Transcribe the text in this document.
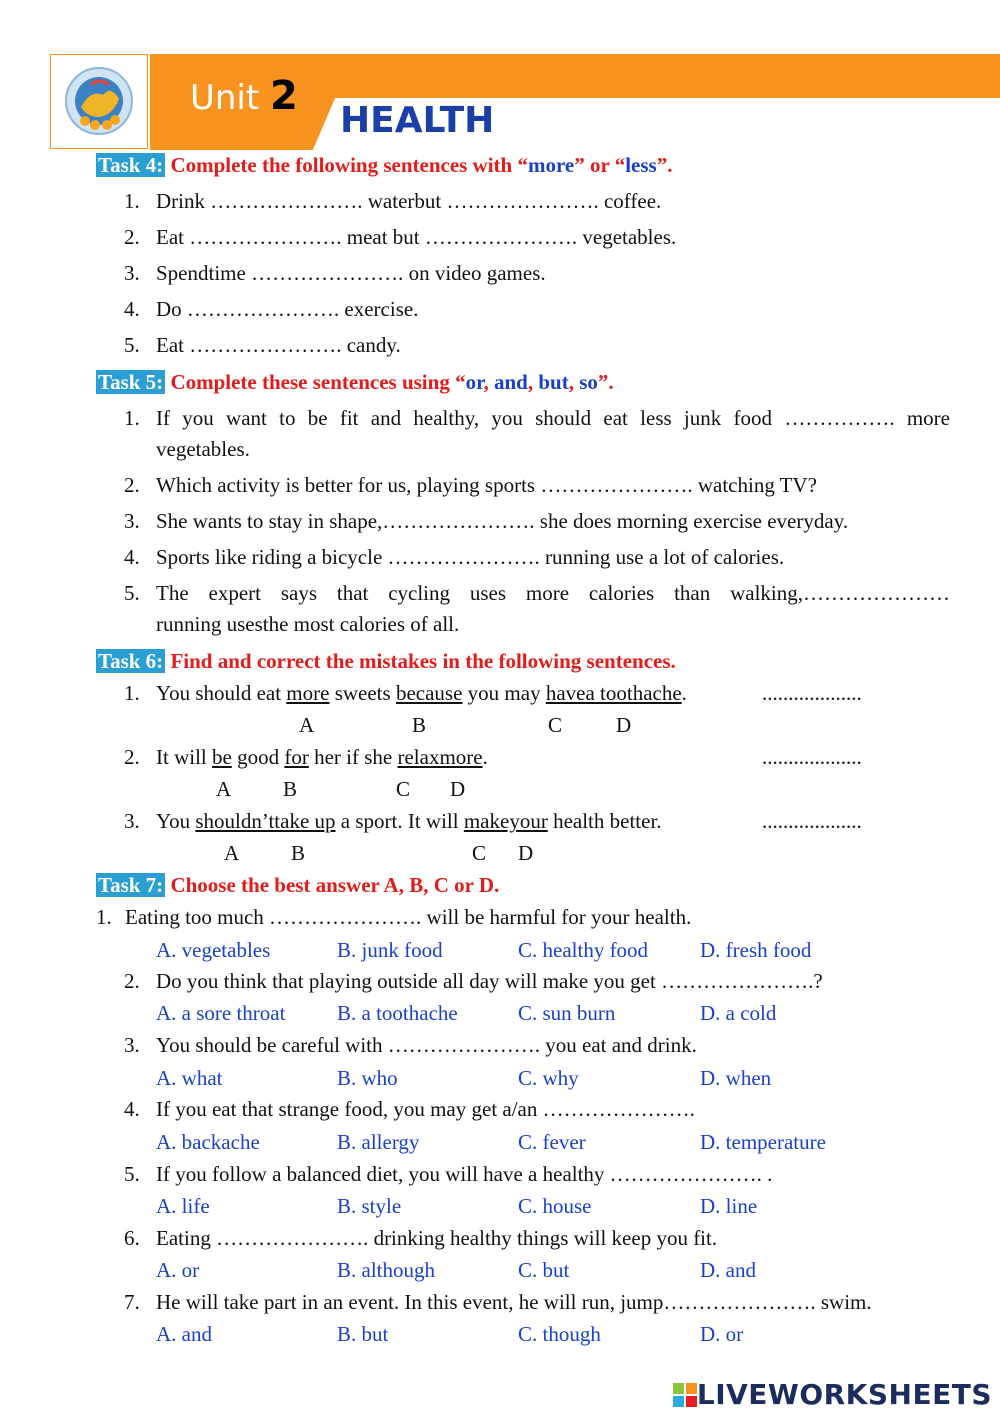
Unit 2
HEALTH
Task 4: Complete the following sentences with “more” or “less”.
1. Drink …………………. waterbut …………………. coffee.
2. Eat …………………. meat but …………………. vegetables.
3. Spendtime …………………. on video games.
4. Do …………………. exercise.
5. Eat …………………. candy.
Task 5: Complete these sentences using “or, and, but, so”.
1. If you want to be fit and healthy, you should eat less junk food ……………. more
vegetables.
2. Which activity is better for us, playing sports …………………. watching TV?
3. She wants to stay in shape,…………………. she does morning exercise everyday.
4. Sports like riding a bicycle …………………. running use a lot of calories.
5. The expert says that cycling uses more calories than walking,…………………
running usesthe most calories of all.
Task 6: Find and correct the mistakes in the following sentences.
1. You should eat more sweets because you may havea toothache.	...................
A	B	C	D
2. It will be good for her if she relaxmore.	...................
A B	C D
3. You shouldn’ttake up a sport. It will makeyour health better.	...................
A B	C D
Task 7: Choose the best answer A, B, C or D.
1. Eating too much …………………. will be harmful for your health.
A. vegetables	B. junk food	C. healthy food D. fresh food
2. Do you think that playing outside all day will make you get ………………….?
A. a sore throat B. a toothache	C. sun burn	D. a cold
3. You should be careful with …………………. you eat and drink.
A. what	B. who	C. why	D. when
4. If you eat that strange food, you may get a/an ………………….
A. backache	B. allergy	C. fever	D. temperature
5. If you follow a balanced diet, you will have a healthy …………………. .
A. life	B. style	C. house	D. line
6. Eating …………………. drinking healthy things will keep you fit.
A. or	B. although	C. but	D. and
7. He will take part in an event. In this event, he will run, jump…………………. swim.
A. and	B. but	C. though	D. or
LIVEWORKSHEETS
